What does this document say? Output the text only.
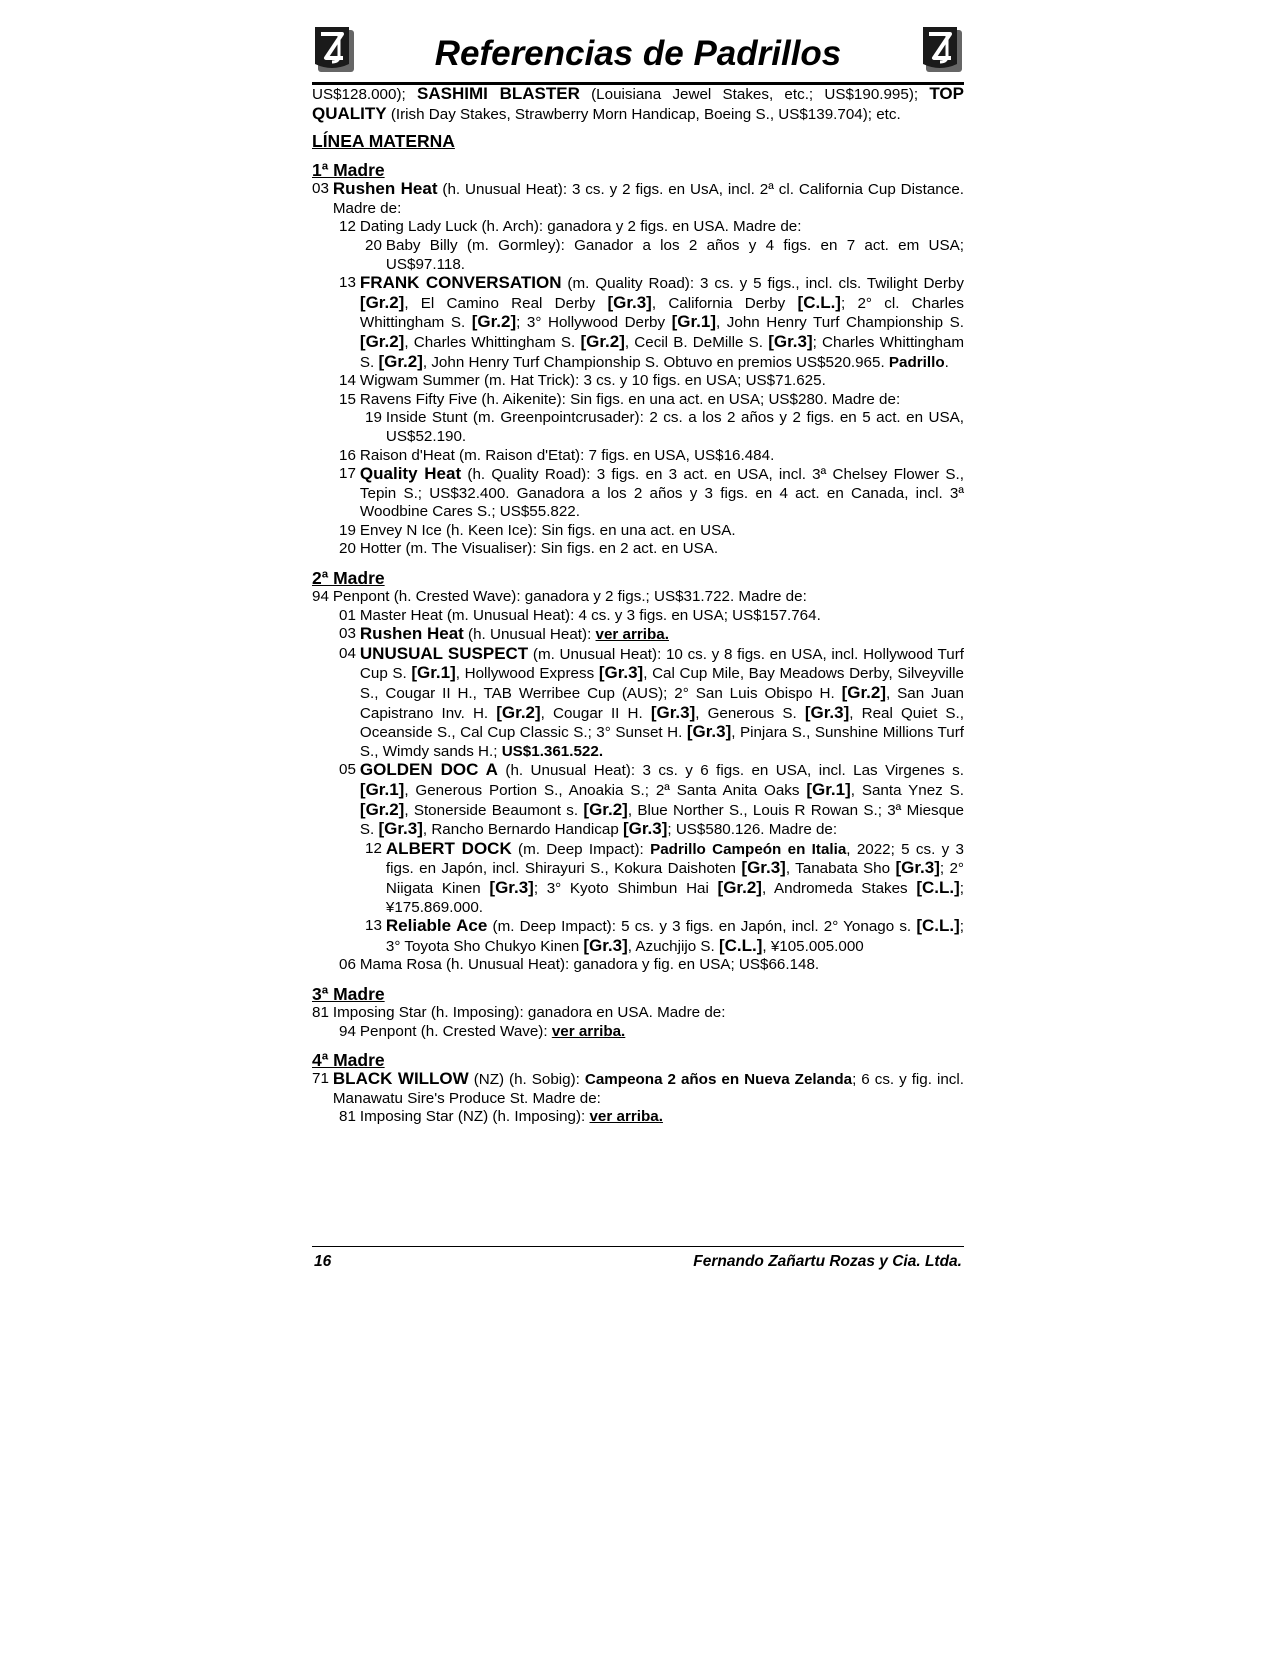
Referencias de Padrillos

US$128.000); SASHIMI BLASTER (Louisiana Jewel Stakes, etc.; US$190.995); TOP QUALITY (Irish Day Stakes, Strawberry Morn Handicap, Boeing S., US$139.704); etc.

LÍNEA MATERNA
1ª Madre
03 Rushen Heat (h. Unusual Heat): 3 cs. y 2 figs. en UsA, incl. 2ª cl. California Cup Distance. Madre de:
12 Dating Lady Luck (h. Arch): ganadora y 2 figs. en USA. Madre de:
20 Baby Billy (m. Gormley): Ganador a los 2 años y 4 figs. en 7 act. em USA; US$97.118.
13 FRANK CONVERSATION (m. Quality Road): 3 cs. y 5 figs., incl. cls. Twilight Derby [Gr.2], El Camino Real Derby [Gr.3], California Derby [C.L.]; 2° cl. Charles Whittingham S. [Gr.2]; 3° Hollywood Derby [Gr.1], John Henry Turf Championship S. [Gr.2], Charles Whittingham S. [Gr.2], Cecil B. DeMille S. [Gr.3]; Charles Whittingham S. [Gr.2], John Henry Turf Championship S. Obtuvo en premios US$520.965. Padrillo.
14 Wigwam Summer (m. Hat Trick): 3 cs. y 10 figs. en USA; US$71.625.
15 Ravens Fifty Five (h. Aikenite): Sin figs. en una act. en USA; US$280. Madre de:
19 Inside Stunt (m. Greenpointcrusader): 2 cs. a los 2 años y 2 figs. en 5 act. en USA, US$52.190.
16 Raison d'Heat (m. Raison d'Etat): 7 figs. en USA, US$16.484.
17 Quality Heat (h. Quality Road): 3 figs. en 3 act. en USA, incl. 3ª Chelsey Flower S., Tepin S.; US$32.400. Ganadora a los 2 años y 3 figs. en 4 act. en Canada, incl. 3ª Woodbine Cares S.; US$55.822.
19 Envey N Ice (h. Keen Ice): Sin figs. en una act. en USA.
20 Hotter (m. The Visualiser): Sin figs. en 2 act. en USA.
2ª Madre
94 Penpont (h. Crested Wave): ganadora y 2 figs.; US$31.722. Madre de:
01 Master Heat (m. Unusual Heat): 4 cs. y 3 figs. en USA; US$157.764.
03 Rushen Heat (h. Unusual Heat): ver arriba.
04 UNUSUAL SUSPECT (m. Unusual Heat): 10 cs. y 8 figs. en USA, incl. Hollywood Turf Cup S. [Gr.1], Hollywood Express [Gr.3], Cal Cup Mile, Bay Meadows Derby, Silveyville S., Cougar II H., TAB Werribee Cup (AUS); 2° San Luis Obispo H. [Gr.2], San Juan Capistrano Inv. H. [Gr.2], Cougar II H. [Gr.3], Generous S. [Gr.3], Real Quiet S., Oceanside S., Cal Cup Classic S.; 3° Sunset H. [Gr.3], Pinjara S., Sunshine Millions Turf S., Wimdy sands H.; US$1.361.522.
05 GOLDEN DOC A (h. Unusual Heat): 3 cs. y 6 figs. en USA, incl. Las Virgenes s. [Gr.1], Generous Portion S., Anoakia S.; 2ª Santa Anita Oaks [Gr.1], Santa Ynez S. [Gr.2], Stonerside Beaumont s. [Gr.2], Blue Norther S., Louis R Rowan S.; 3ª Miesque S. [Gr.3], Rancho Bernardo Handicap [Gr.3]; US$580.126. Madre de:
12 ALBERT DOCK (m. Deep Impact): Padrillo Campeón en Italia, 2022; 5 cs. y 3 figs. en Japón, incl. Shirayuri S., Kokura Daishoten [Gr.3], Tanabata Sho [Gr.3]; 2° Niigata Kinen [Gr.3]; 3° Kyoto Shimbun Hai [Gr.2], Andromeda Stakes [C.L.]; ¥175.869.000.
13 Reliable Ace (m. Deep Impact): 5 cs. y 3 figs. en Japón, incl. 2° Yonago s. [C.L.]; 3° Toyota Sho Chukyo Kinen [Gr.3], Azuchjijo S. [C.L.], ¥105.005.000
06 Mama Rosa (h. Unusual Heat): ganadora y fig. en USA; US$66.148.
3ª Madre
81 Imposing Star (h. Imposing): ganadora en USA. Madre de:
94 Penpont (h. Crested Wave): ver arriba.
4ª Madre
71 BLACK WILLOW (NZ) (h. Sobig): Campeona 2 años en Nueva Zelanda; 6 cs. y fig. incl. Manawatu Sire's Produce St. Madre de:
81 Imposing Star (NZ) (h. Imposing): ver arriba.
16	Fernando Zañartu Rozas y Cia. Ltda.
